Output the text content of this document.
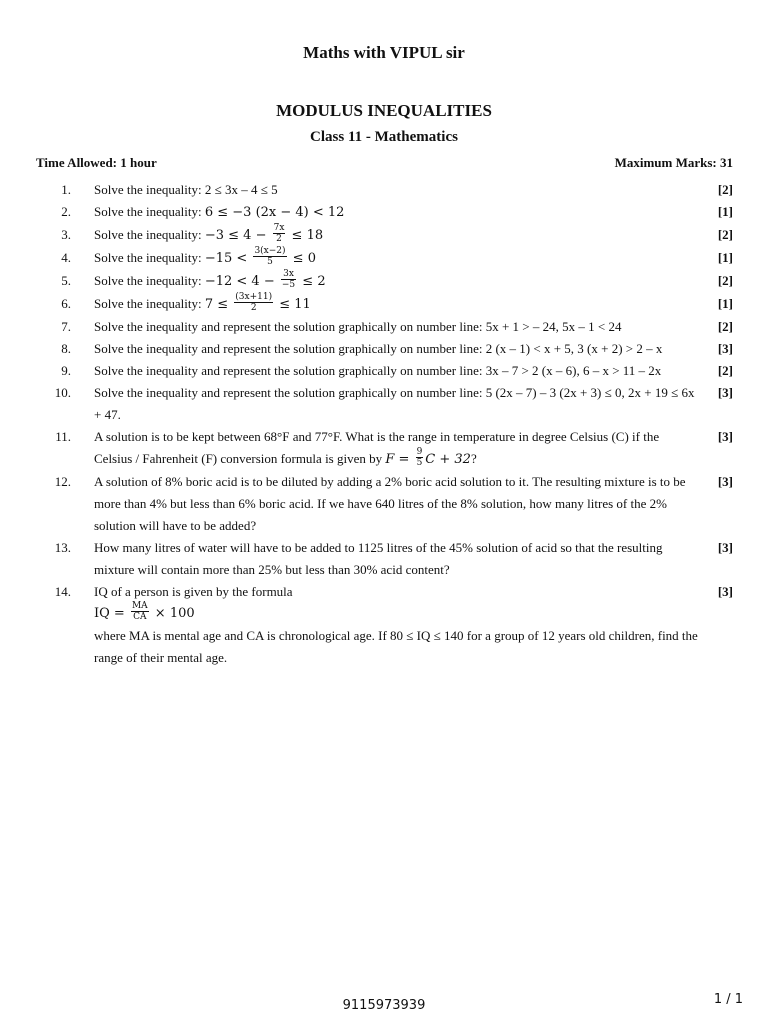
Maths with VIPUL sir
MODULUS INEQUALITIES
Class 11 - Mathematics
Time Allowed: 1 hour	Maximum Marks: 31
1. Solve the inequality: 2 ≤ 3x – 4 ≤ 5	[2]
2. Solve the inequality: 6 ≤ −3 (2x − 4) < 12	[1]
3. Solve the inequality: $-3 \le 4 - \frac{7x}{2} \le 18$	[2]
4. Solve the inequality: $-15 < \frac{3(x-2)}{5} \le 0$	[1]
5. Solve the inequality: $-12 < 4 - \frac{3x}{-5} \le 2$	[2]
6. Solve the inequality: $7 \le \frac{(3x+11)}{2} \le 11$	[1]
7. Solve the inequality and represent the solution graphically on number line: 5x + 1 > – 24, 5x – 1 < 24	[2]
8. Solve the inequality and represent the solution graphically on number line: 2 (x – 1) < x + 5, 3 (x + 2) > 2 – x	[3]
9. Solve the inequality and represent the solution graphically on number line: 3x – 7 > 2 (x – 6), 6 – x > 11 – 2x	[2]
10. Solve the inequality and represent the solution graphically on number line: 5 (2x – 7) – 3 (2x + 3) ≤ 0, 2x + 19 ≤ 6x + 47.
[3]
11. A solution is to be kept between 68°F and 77°F. What is the range in temperature in degree Celsius (C) if the Celsius / Fahrenheit (F) conversion formula is given by $F = \frac{9}{5}$ C + 32?
[3]
12. A solution of 8% boric acid is to be diluted by adding a 2% boric acid solution to it. The resulting mixture is to be more than 4% but less than 6% boric acid. If we have 640 litres of the 8% solution, how many litres of the 2% solution will have to be added?
[3]
13. How many litres of water will have to be added to 1125 litres of the 45% solution of acid so that the resulting mixture will contain more than 25% but less than 30% acid content?
[3]
14. IQ of a person is given by the formula
IQ = $\frac{MA}{CA} \times 100$
where MA is mental age and CA is chronological age. If 80 ≤ IQ ≤ 140 for a group of 12 years old children, find the range of their mental age.
[3]
9115973939	1 / 1
